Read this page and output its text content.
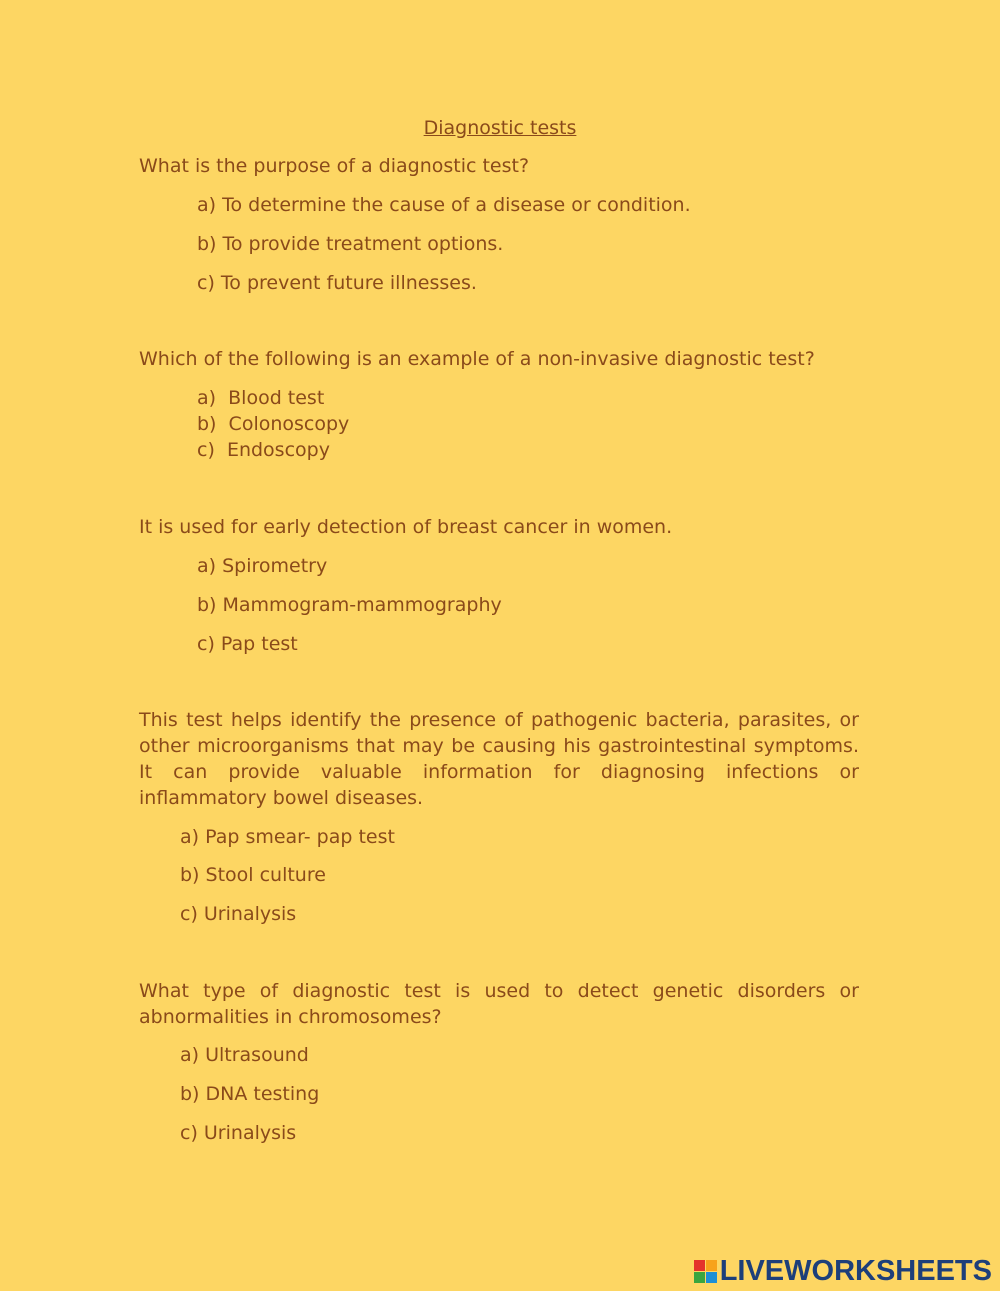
Diagnostic tests

What is the purpose of a diagnostic test?

a) To determine the cause of a disease or condition.
b) To provide treatment options.
c) To prevent future illnesses.

Which of the following is an example of a non-invasive diagnostic test?

a)  Blood test
b)  Colonoscopy
c)  Endoscopy

It is used for early detection of breast cancer in women.

a) Spirometry
b) Mammogram-mammography
c) Pap test

This test helps identify the presence of pathogenic bacteria, parasites, or other microorganisms that may be causing his gastrointestinal symptoms. It can provide valuable information for diagnosing infections or inflammatory bowel diseases.

a) Pap smear- pap test
b) Stool culture
c) Urinalysis

What type of diagnostic test is used to detect genetic disorders or abnormalities in chromosomes?

a) Ultrasound
b) DNA testing
c) Urinalysis
LIVEWORKSHEETS
